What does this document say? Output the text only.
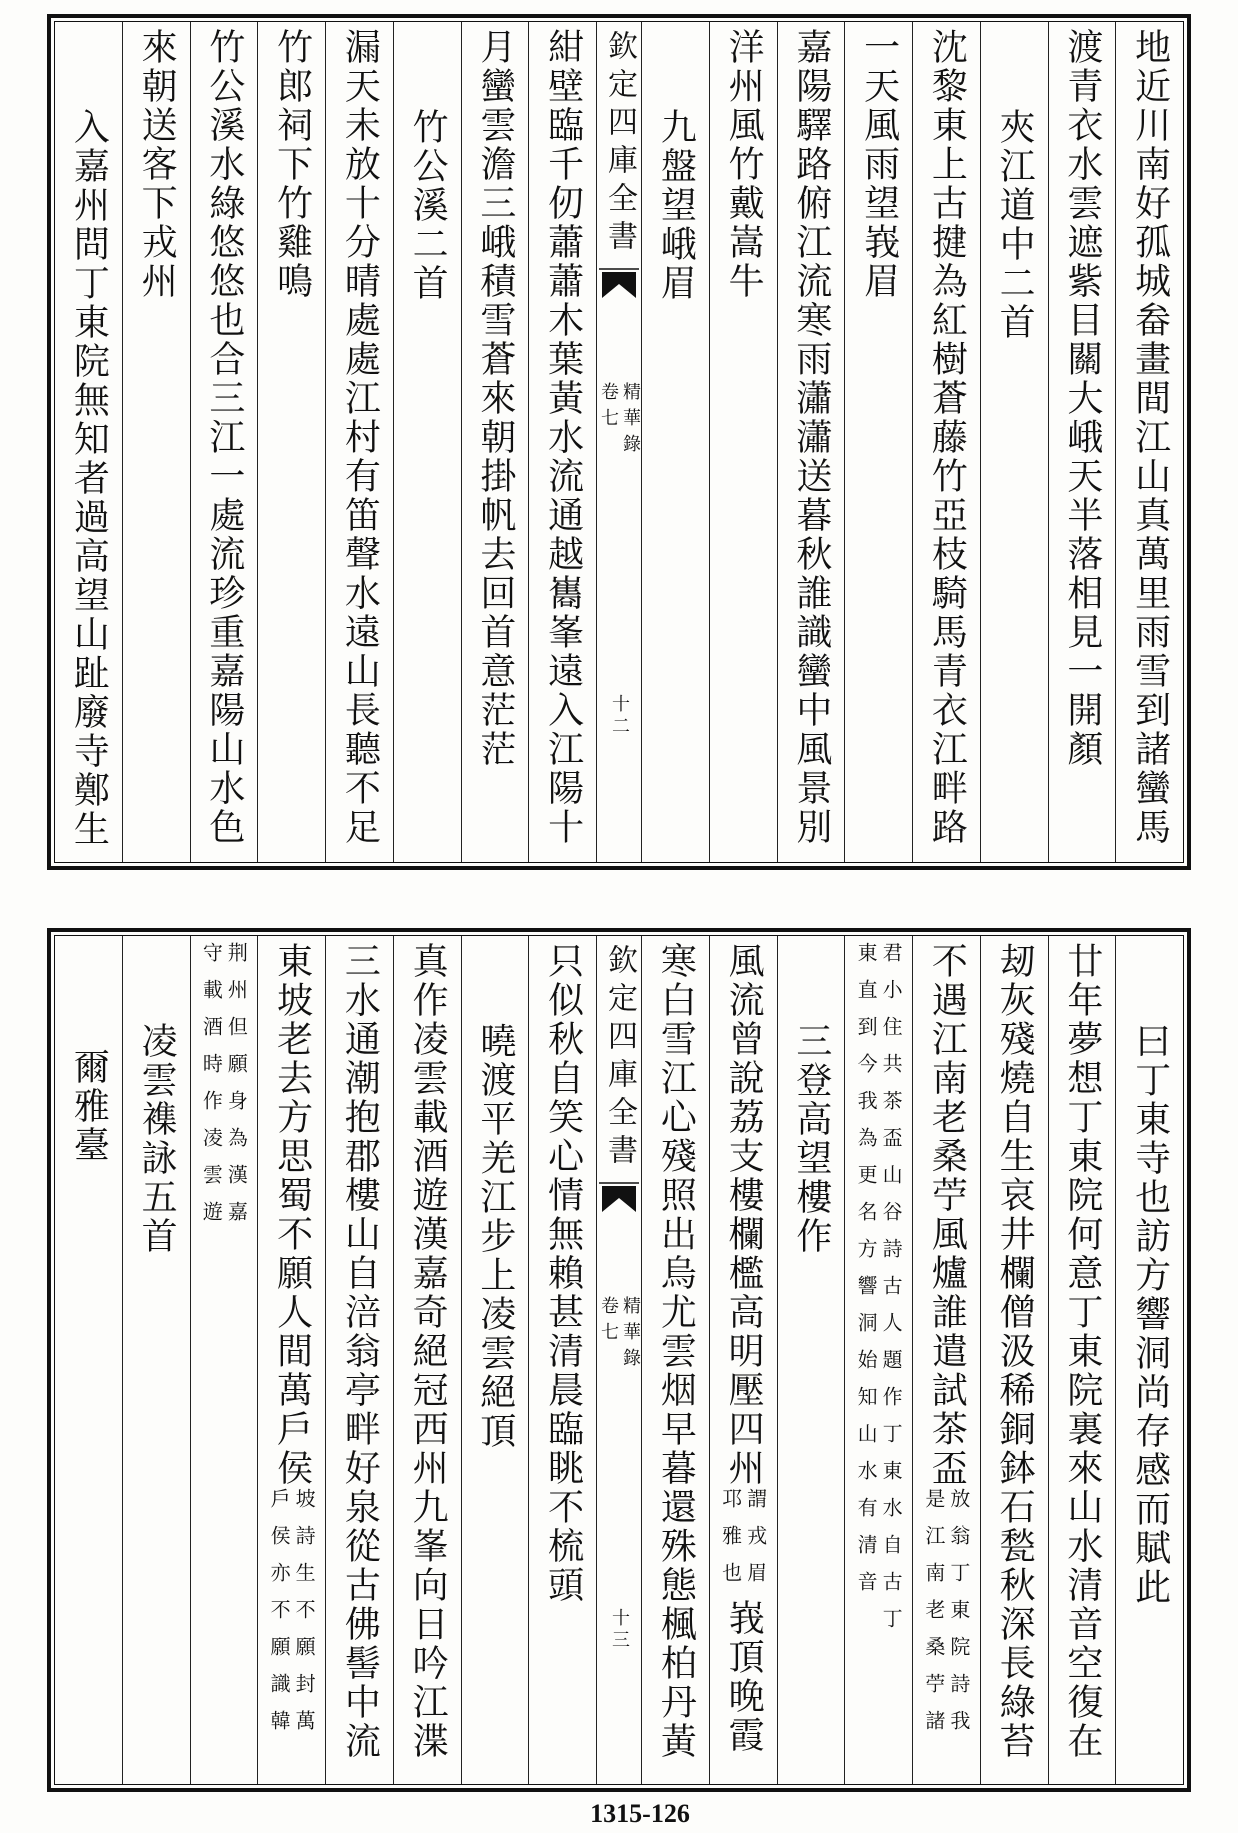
地近川南好孤城畚畫間江山真萬里雨雪到諸蠻馬
渡青衣水雲遮紫目關大峨天半落相見一開顏
夾江道中二首
沈黎東上古揵為紅樹蒼藤竹亞枝騎馬青衣江畔路
一天風雨望峩眉
嘉陽驛路俯江流寒雨瀟瀟送暮秋誰識蠻中風景別
洋州風竹戴嵩牛
九盤望峨眉
欽定四庫全書
精華錄
卷七
十二
紺壁臨千仞蕭蕭木葉黃水流通越巂峯遠入江陽十
月蠻雲澹三峨積雪蒼來朝掛帆去回首意茫茫
竹公溪二首
漏天未放十分晴處處江村有笛聲水遠山長聽不足
竹郎祠下竹雞鳴
竹公溪水綠悠悠也合三江一處流珍重嘉陽山水色
來朝送客下戎州
入嘉州問丁東院無知者過高望山趾廢寺鄭生
曰丁東寺也訪方響洞尚存感而賦此
廿年夢想丁東院何意丁東院裏來山水清音空復在
刼灰殘燒自生哀井欄僧汲稀銅鉢石甃秋深長綠苔
不遇江南老桑苧風爐誰遣試茶盃
放翁丁東院詩我
是江南老桑苧諸
君小住共茶盃山谷詩古人題作丁東水自古丁
東直到今我為更名方響洞始知山水有清音
三登高望樓作
風流曾說荔支樓欄檻高明壓四州
謂戎眉
邛雅也
峩頂晚霞
寒白雪江心殘照出烏尤雲烟早暮還殊態楓柏丹黃
欽定四庫全書
精華錄
卷七
十三
只似秋自笑心情無賴甚清晨臨眺不梳頭
曉渡平羌江步上凌雲絕頂
真作凌雲載酒遊漢嘉奇絕冠西州九峯向日吟江渫
三水通潮抱郡樓山自涪翁亭畔好泉從古佛髻中流
東坡老去方思蜀不願人間萬戶侯
坡詩生不願封萬
戶侯亦不願識韓
荆州但願身為漢嘉
守載酒時作凌雲遊
凌雲襍詠五首
爾雅臺
1315-126
